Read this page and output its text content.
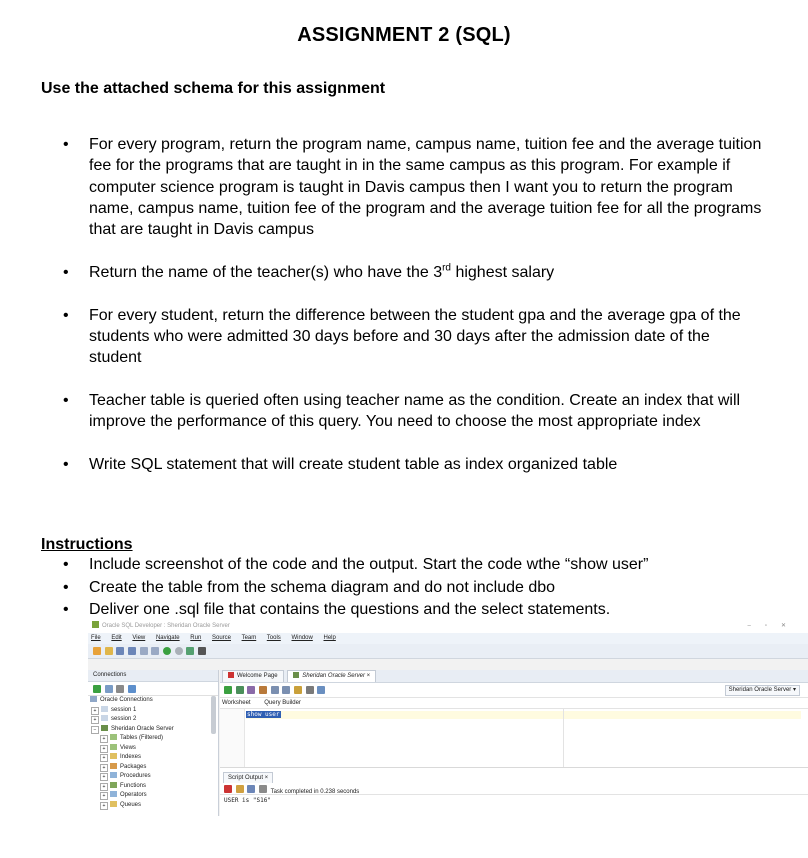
ASSIGNMENT 2 (SQL)
Use the attached schema for this assignment
• For every program, return the program name, campus name, tuition fee and the average tuition fee for the programs that are taught in in the same campus as this program. For example if computer science program is taught in Davis campus then I want you to return the program name, campus name, tuition fee of the program and the average tuition fee for all the programs that are taught in Davis campus
• Return the name of the teacher(s) who have the 3rd highest salary
• For every student, return the difference between the student gpa and the average gpa of the students who were admitted 30 days before and 30 days after the admission date of the student
• Teacher table is queried often using teacher name as the condition. Create an index that will improve the performance of this query. You need to choose the most appropriate index
• Write SQL statement that will create student table as index organized table
Instructions
• Include screenshot of the code and the output. Start the code wthe “show user”
• Create the table from the schema diagram and do not include dbo
• Deliver one .sql file that contains the questions and the select statements.
Oracle SQL Developer : Sheridan Oracle Server	–▫✕
File Edit View Navigate Run Source Team Tools Window Help

Connections

Oracle Connections
+ session 1
+ session 2
− Sheridan Oracle Server
+ Tables (Filtered)
+ Views
+ Indexes
+ Packages
+ Procedures
+ Functions
+ Operators
+ Queues
Welcome Page	Sheridan Oracle Server ×

Sheridan Oracle Server ▾
Worksheet Query Builder
show user
Script Output ×
Task completed in 0.238 seconds
USER is "S16"
